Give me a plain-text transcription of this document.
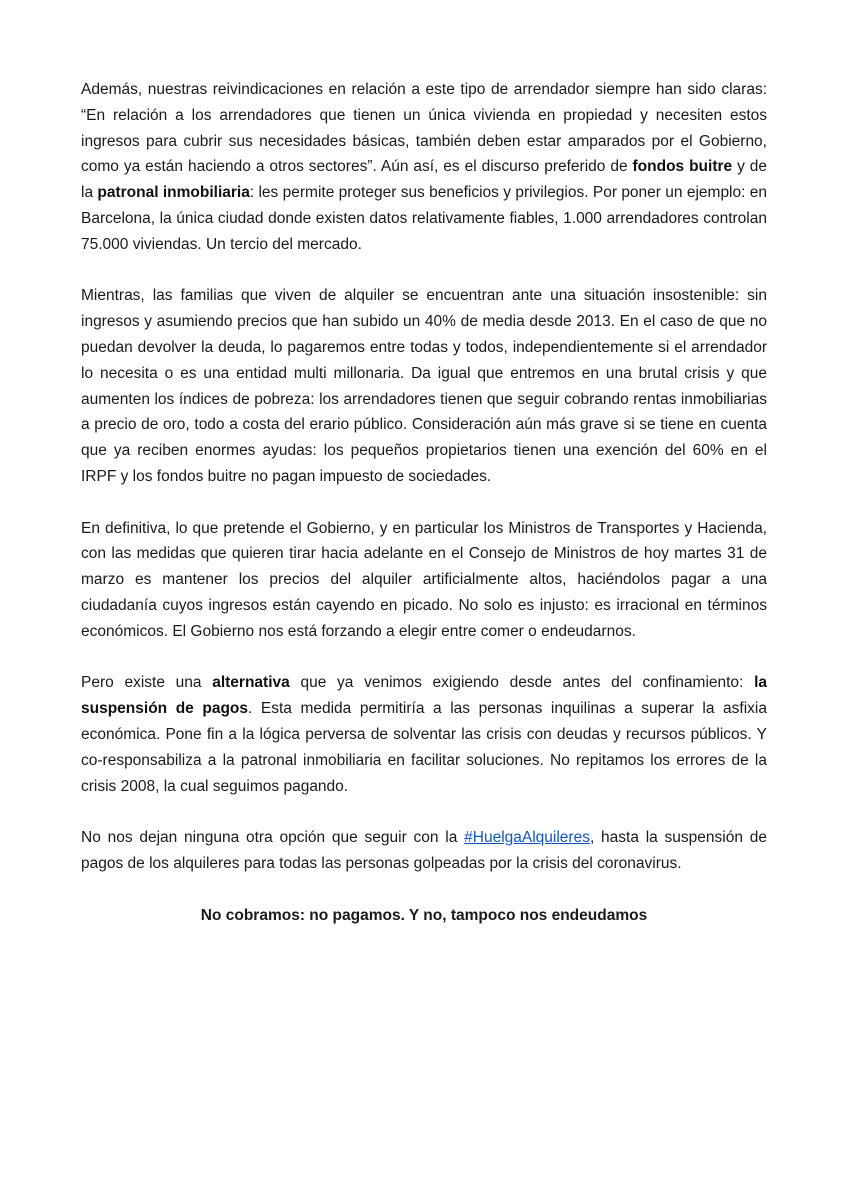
Además, nuestras reivindicaciones en relación a este tipo de arrendador siempre han sido claras: “En relación a los arrendadores que tienen un única vivienda en propiedad y necesiten estos ingresos para cubrir sus necesidades básicas, también deben estar amparados por el Gobierno, como ya están haciendo a otros sectores”. Aún así, es el discurso preferido de fondos buitre y de la patronal inmobiliaria: les permite proteger sus beneficios y privilegios. Por poner un ejemplo: en Barcelona, la única ciudad donde existen datos relativamente fiables, 1.000 arrendadores controlan 75.000 viviendas. Un tercio del mercado.

Mientras, las familias que viven de alquiler se encuentran ante una situación insostenible: sin ingresos y asumiendo precios que han subido un 40% de media desde 2013. En el caso de que no puedan devolver la deuda, lo pagaremos entre todas y todos, independientemente si el arrendador lo necesita o es una entidad multi millonaria. Da igual que entremos en una brutal crisis y que aumenten los índices de pobreza: los arrendadores tienen que seguir cobrando rentas inmobiliarias a precio de oro, todo a costa del erario público. Consideración aún más grave si se tiene en cuenta que ya reciben enormes ayudas: los pequeños propietarios tienen una exención del 60% en el IRPF y los fondos buitre no pagan impuesto de sociedades.

En definitiva, lo que pretende el Gobierno, y en particular los Ministros de Transportes y Hacienda, con las medidas que quieren tirar hacia adelante en el Consejo de Ministros de hoy martes 31 de marzo es mantener los precios del alquiler artificialmente altos, haciéndolos pagar a una ciudadanía cuyos ingresos están cayendo en picado. No solo es injusto: es irracional en términos económicos. El Gobierno nos está forzando a elegir entre comer o endeudarnos.

Pero existe una alternativa que ya venimos exigiendo desde antes del confinamiento: la suspensión de pagos. Esta medida permitiría a las personas inquilinas a superar la asfixia económica. Pone fin a la lógica perversa de solventar las crisis con deudas y recursos públicos. Y co-responsabiliza a la patronal inmobiliaria en facilitar soluciones. No repitamos los errores de la crisis 2008, la cual seguimos pagando.

No nos dejan ninguna otra opción que seguir con la #HuelgaAlquileres, hasta la suspensión de pagos de los alquileres para todas las personas golpeadas por la crisis del coronavirus.

No cobramos: no pagamos. Y no, tampoco nos endeudamos
